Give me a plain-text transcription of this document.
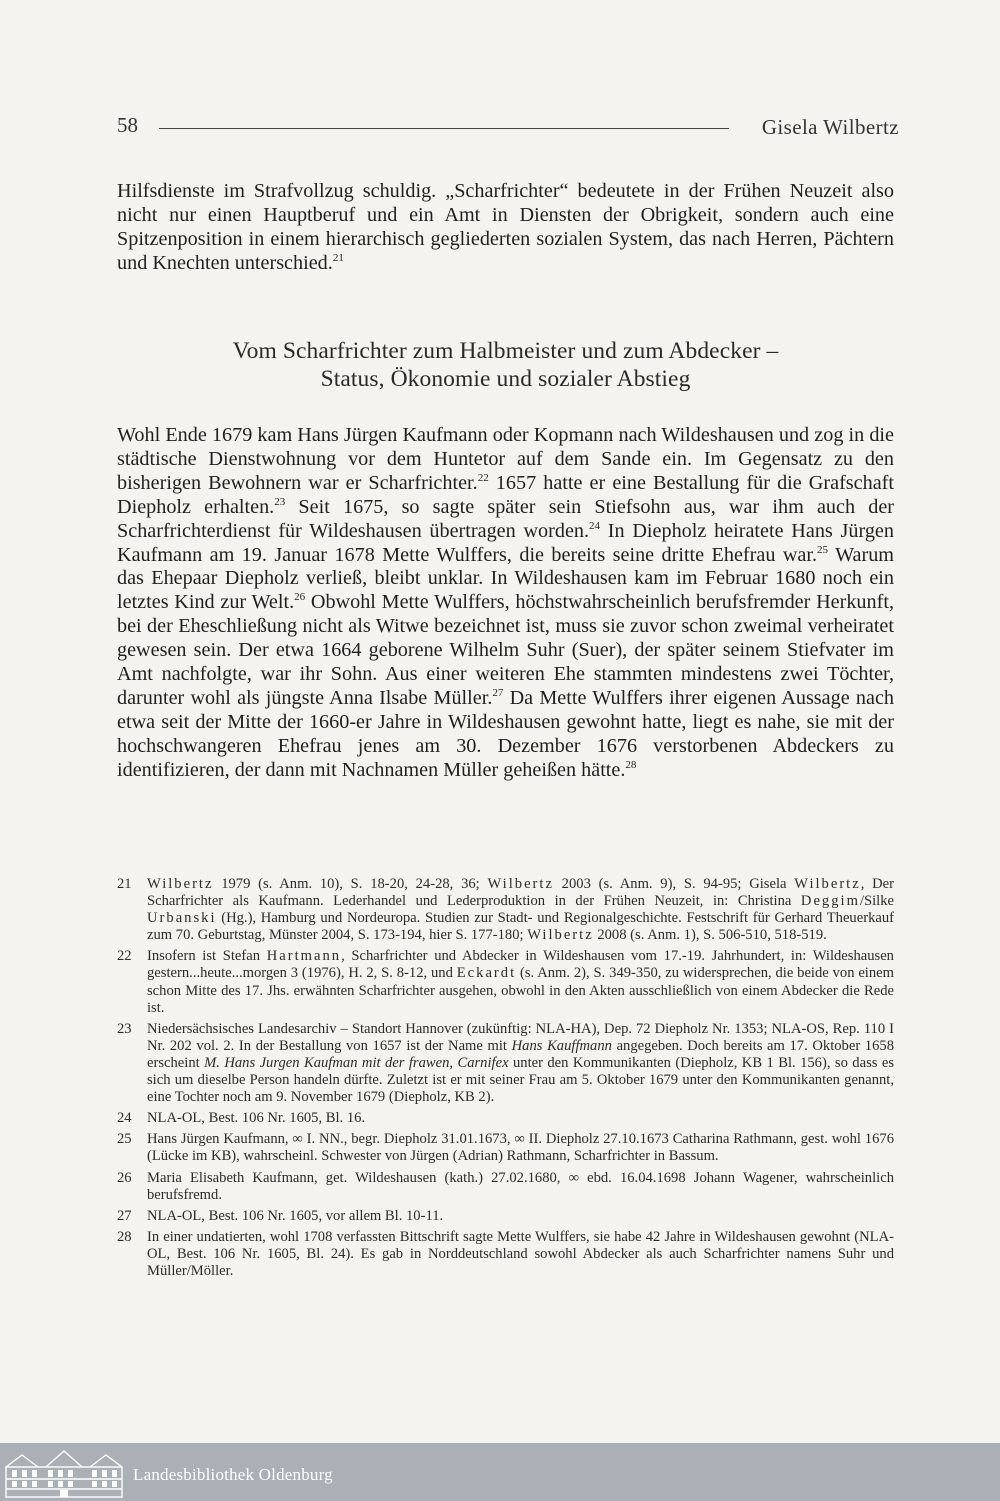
58	Gisela Wilbertz

Hilfsdienste im Strafvollzug schuldig. „Scharfrichter“ bedeutete in der Frühen Neuzeit also nicht nur einen Hauptberuf und ein Amt in Diensten der Obrigkeit, sondern auch eine Spitzenposition in einem hierarchisch gegliederten sozialen System, das nach Herren, Pächtern und Knechten unterschied.$^{21}$

Vom Scharfrichter zum Halbmeister und zum Abdecker –
Status, Ökonomie und sozialer Abstieg

Wohl Ende 1679 kam Hans Jürgen Kaufmann oder Kopmann nach Wildeshausen und zog in die städtische Dienstwohnung vor dem Huntetor auf dem Sande ein. Im Gegensatz zu den bisherigen Bewohnern war er Scharfrichter.$^{22}$ 1657 hatte er eine Bestallung für die Grafschaft Diepholz erhalten.$^{23}$ Seit 1675, so sagte später sein Stiefsohn aus, war ihm auch der Scharfrichterdienst für Wildeshausen übertragen worden.$^{24}$ In Diepholz heiratete Hans Jürgen Kaufmann am 19. Januar 1678 Mette Wulffers, die bereits seine dritte Ehefrau war.$^{25}$ Warum das Ehepaar Diepholz verließ, bleibt unklar. In Wildeshausen kam im Februar 1680 noch ein letztes Kind zur Welt.$^{26}$ Obwohl Mette Wulffers, höchstwahrscheinlich berufsfremder Herkunft, bei der Eheschließung nicht als Witwe bezeichnet ist, muss sie zuvor schon zweimal verheiratet gewesen sein. Der etwa 1664 geborene Wilhelm Suhr (Suer), der später seinem Stiefvater im Amt nachfolgte, war ihr Sohn. Aus einer weiteren Ehe stammten mindestens zwei Töchter, darunter wohl als jüngste Anna Ilsabe Müller.$^{27}$ Da Mette Wulffers ihrer eigenen Aussage nach etwa seit der Mitte der 1660-er Jahre in Wildeshausen gewohnt hatte, liegt es nahe, sie mit der hochschwangeren Ehefrau jenes am 30. Dezember 1676 verstorbenen Abdeckers zu identifizieren, der dann mit Nachnamen Müller geheißen hätte.$^{28}$

21	Wilbertz 1979 (s. Anm. 10), S. 18-20, 24-28, 36; Wilbertz 2003 (s. Anm. 9), S. 94-95; Gisela Wilbertz, Der Scharfrichter als Kaufmann. Lederhandel und Lederproduktion in der Frühen Neuzeit, in: Christina Deggim/Silke Urbanski (Hg.), Hamburg und Nordeuropa. Studien zur Stadt- und Regionalgeschichte. Festschrift für Gerhard Theuerkauf zum 70. Geburtstag, Münster 2004, S. 173-194, hier S. 177-180; Wilbertz 2008 (s. Anm. 1), S. 506-510, 518-519.
22	Insofern ist Stefan Hartmann, Scharfrichter und Abdecker in Wildeshausen vom 17.-19. Jahrhundert, in: Wildeshausen gestern...heute...morgen 3 (1976), H. 2, S. 8-12, und Eckardt (s. Anm. 2), S. 349-350, zu widersprechen, die beide von einem schon Mitte des 17. Jhs. erwähnten Scharfrichter ausgehen, obwohl in den Akten ausschließlich von einem Abdecker die Rede ist.
23	Niedersächsisches Landesarchiv – Standort Hannover (zukünftig: NLA-HA), Dep. 72 Diepholz Nr. 1353; NLA-OS, Rep. 110 I Nr. 202 vol. 2. In der Bestallung von 1657 ist der Name mit Hans Kauffmann angegeben. Doch bereits am 17. Oktober 1658 erscheint M. Hans Jurgen Kaufman mit der frawen, Carnifex unter den Kommunikanten (Diepholz, KB 1 Bl. 156), so dass es sich um dieselbe Person handeln dürfte. Zuletzt ist er mit seiner Frau am 5. Oktober 1679 unter den Kommunikanten genannt, eine Tochter noch am 9. November 1679 (Diepholz, KB 2).
24	NLA-OL, Best. 106 Nr. 1605, Bl. 16.
25	Hans Jürgen Kaufmann, ∞ I. NN., begr. Diepholz 31.01.1673, ∞ II. Diepholz 27.10.1673 Catharina Rathmann, gest. wohl 1676 (Lücke im KB), wahrscheinl. Schwester von Jürgen (Adrian) Rathmann, Scharfrichter in Bassum.
26	Maria Elisabeth Kaufmann, get. Wildeshausen (kath.) 27.02.1680, ∞ ebd. 16.04.1698 Johann Wagener, wahrscheinlich berufsfremd.
27	NLA-OL, Best. 106 Nr. 1605, vor allem Bl. 10-11.
28	In einer undatierten, wohl 1708 verfassten Bittschrift sagte Mette Wulffers, sie habe 42 Jahre in Wildeshausen gewohnt (NLA-OL, Best. 106 Nr. 1605, Bl. 24). Es gab in Norddeutschland sowohl Abdecker als auch Scharfrichter namens Suhr und Müller/Möller.
Landesbibliothek Oldenburg
